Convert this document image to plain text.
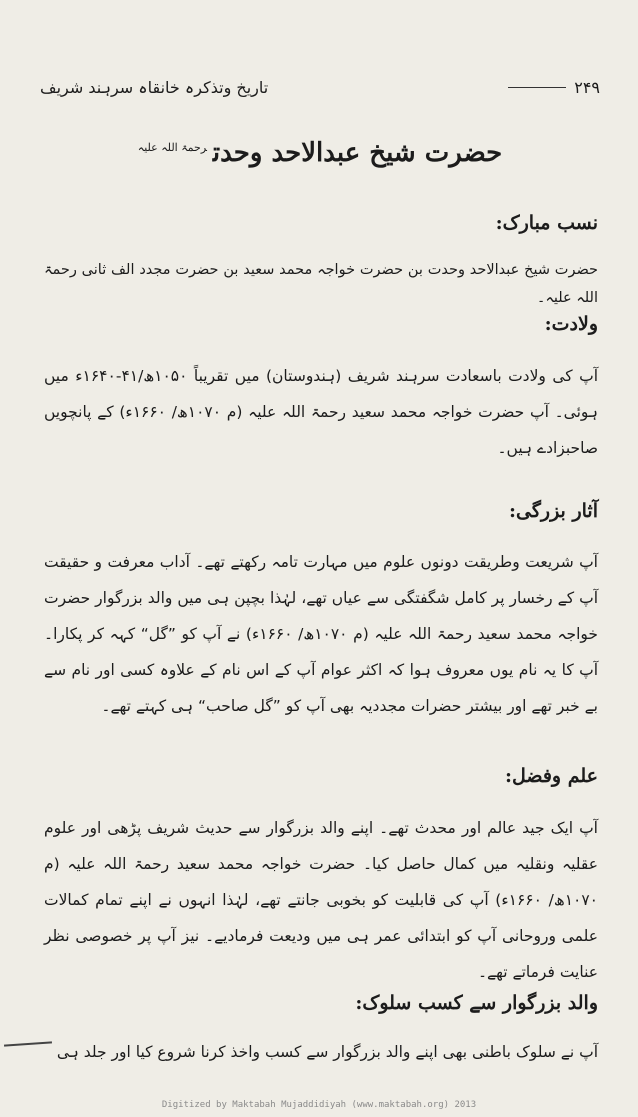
تاریخ وتذکرہ خانقاہ سرہند شریف	۲۴۹
حضرت شیخ عبدالاحد وحدت$^{رحمۃ اللہ علیہ}$
نسب مبارک:
حضرت شیخ عبدالاحد وحدت بن حضرت خواجہ محمد سعید بن حضرت مجدد الف ثانی رحمۃ اللہ علیہ۔
ولادت:
آپ کی ولادت باسعادت سرہند شریف (ہندوستان) میں تقریباً ۱۰۵۰ھ/۴۱-۱۶۴۰ء میں ہوئی۔ آپ حضرت خواجہ محمد سعید رحمۃ اللہ علیہ (م ۱۰۷۰ھ/ ۱۶۶۰ء) کے پانچویں صاحبزادے ہیں۔
آثار بزرگی:
آپ شریعت وطریقت دونوں علوم میں مہارت تامہ رکھتے تھے۔ آداب معرفت و حقیقت آپ کے رخسار پر کامل شگفتگی سے عیاں تھے، لہٰذا بچپن ہی میں والد بزرگوار حضرت خواجہ محمد سعید رحمۃ اللہ علیہ (م ۱۰۷۰ھ/ ۱۶۶۰ء) نے آپ کو ”گل“ کہہ کر پکارا۔ آپ کا یہ نام یوں معروف ہوا کہ اکثر عوام آپ کے اس نام کے علاوہ کسی اور نام سے بے خبر تھے اور بیشتر حضرات مجددیہ بھی آپ کو ”گل صاحب“ ہی کہتے تھے۔
علم وفضل:
آپ ایک جید عالم اور محدث تھے۔ اپنے والد بزرگوار سے حدیث شریف پڑھی اور علوم عقلیہ ونقلیہ میں کمال حاصل کیا۔ حضرت خواجہ محمد سعید رحمۃ اللہ علیہ (م ۱۰۷۰ھ/ ۱۶۶۰ء) آپ کی قابلیت کو بخوبی جانتے تھے، لہٰذا انہوں نے اپنے تمام کمالات علمی وروحانی آپ کو ابتدائی عمر ہی میں ودیعت فرمادیے۔ نیز آپ پر خصوصی نظر عنایت فرماتے تھے۔
والد بزرگوار سے کسب سلوک:
آپ نے سلوک باطنی بھی اپنے والد بزرگوار سے کسب واخذ کرنا شروع کیا اور جلد ہی
Digitized by Maktabah Mujaddidiyah (www.maktabah.org) 2013
